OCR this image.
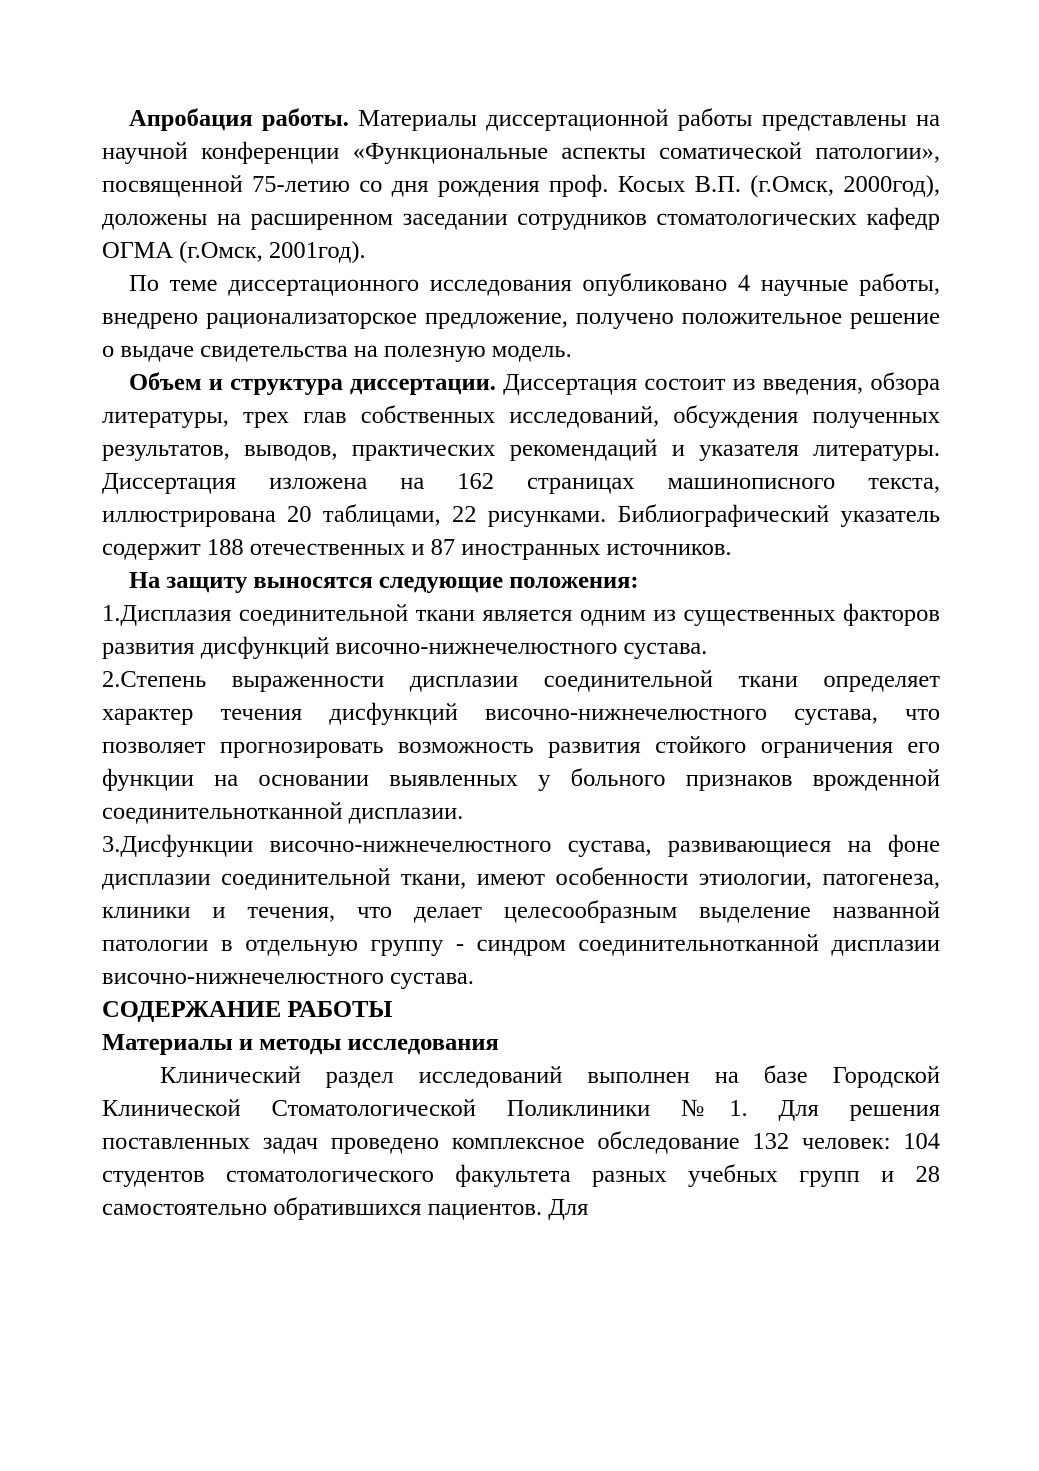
Апробация работы. Материалы диссертационной работы представлены на научной конференции «Функциональные аспекты соматической патологии», посвященной 75-летию со дня рождения проф. Косых В.П. (г.Омск, 2000год), доложены на расширенном заседании сотрудников стоматологических кафедр ОГМА (г.Омск, 2001год).

По теме диссертационного исследования опубликовано 4 научные работы, внедрено рационализаторское предложение, получено положительное решение о выдаче свидетельства на полезную модель.

Объем и структура диссертации. Диссертация состоит из введения, обзора литературы, трех глав собственных исследований, обсуждения полученных результатов, выводов, практических рекомендаций и указателя литературы. Диссертация изложена на 162 страницах машинописного текста, иллюстрирована 20 таблицами, 22 рисунками. Библиографический указатель содержит 188 отечественных и 87 иностранных источников.

На защиту выносятся следующие положения:

1.Дисплазия соединительной ткани является одним из существенных факторов развития дисфункций височно-нижнечелюстного сустава.

2.Степень выраженности дисплазии соединительной ткани определяет характер течения дисфункций височно-нижнечелюстного сустава, что позволяет прогнозировать возможность развития стойкого ограничения его функции на основании выявленных у больного признаков врожденной соединительнотканной дисплазии.

3.Дисфункции височно-нижнечелюстного сустава, развивающиеся на фоне дисплазии соединительной ткани, имеют особенности этиологии, патогенеза, клиники и течения, что делает целесообразным выделение названной патологии в отдельную группу - синдром соединительнотканной дисплазии височно-нижнечелюстного сустава.

СОДЕРЖАНИЕ РАБОТЫ

Материалы и методы исследования

Клинический раздел исследований выполнен на базе Городской Клинической Стоматологической Поликлиники №1. Для решения поставленных задач проведено комплексное обследование 132 человек: 104 студентов стоматологического факультета разных учебных групп и 28 самостоятельно обратившихся пациентов. Для
